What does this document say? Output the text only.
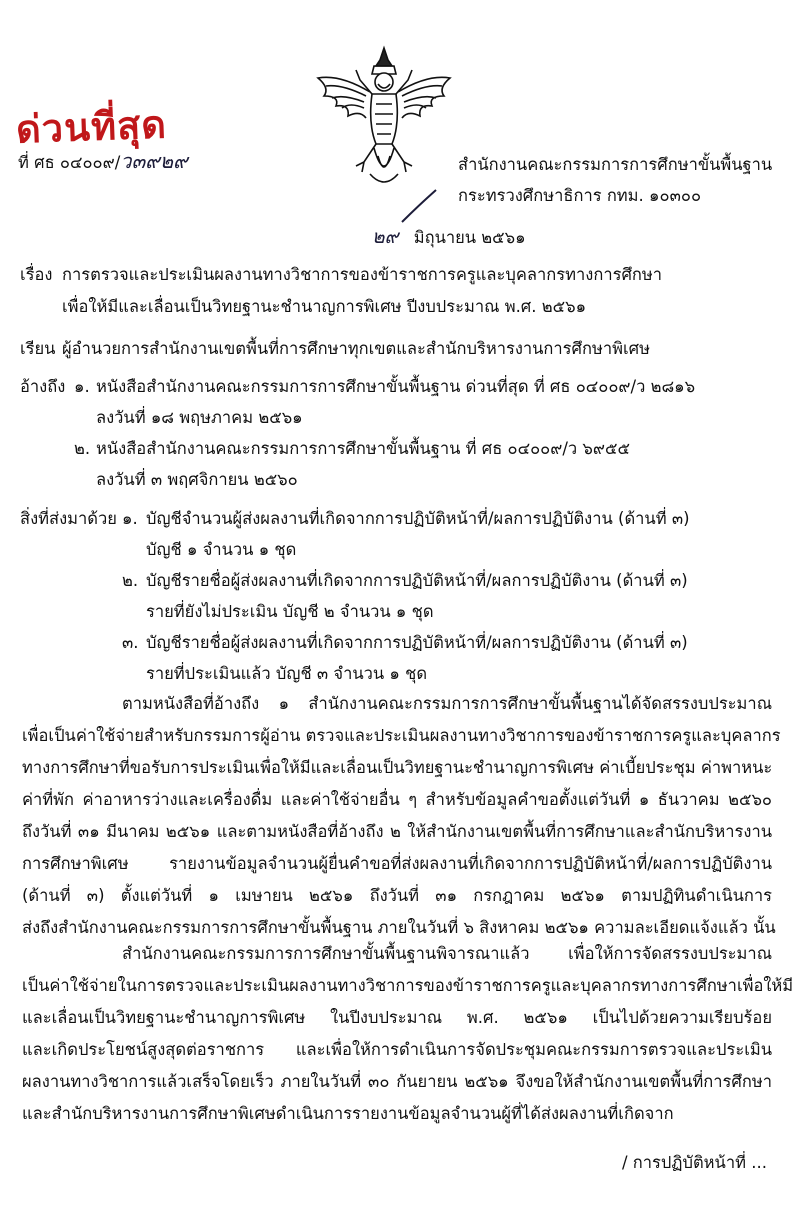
ด่วนที่สุด
ที่ ศธ ๐๔๐๐๙/ว๓๙๒๙	สำนักงานคณะกรรมการการศึกษาขั้นพื้นฐาน
กระทรวงศึกษาธิการ กทม. ๑๐๓๐๐
๒๙ มิถุนายน ๒๕๖๑
เรื่อง การตรวจและประเมินผลงานทางวิชาการของข้าราชการครูและบุคลากรทางการศึกษา
เพื่อให้มีและเลื่อนเป็นวิทยฐานะชำนาญการพิเศษ ปีงบประมาณ พ.ศ. ๒๕๖๑
เรียน ผู้อำนวยการสำนักงานเขตพื้นที่การศึกษาทุกเขตและสำนักบริหารงานการศึกษาพิเศษ
อ้างถึง ๑. หนังสือสำนักงานคณะกรรมการการศึกษาขั้นพื้นฐาน ด่วนที่สุด ที่ ศธ ๐๔๐๐๙/ว ๒๘๑๖
ลงวันที่ ๑๘ พฤษภาคม ๒๕๖๑
๒. หนังสือสำนักงานคณะกรรมการการศึกษาขั้นพื้นฐาน ที่ ศธ ๐๔๐๐๙/ว ๖๙๕๕
ลงวันที่ ๓ พฤศจิกายน ๒๕๖๐
สิ่งที่ส่งมาด้วย ๑. บัญชีจำนวนผู้ส่งผลงานที่เกิดจากการปฏิบัติหน้าที่/ผลการปฏิบัติงาน (ด้านที่ ๓)
บัญชี ๑ จำนวน ๑ ชุด
๒. บัญชีรายชื่อผู้ส่งผลงานที่เกิดจากการปฏิบัติหน้าที่/ผลการปฏิบัติงาน (ด้านที่ ๓)
รายที่ยังไม่ประเมิน บัญชี ๒ จำนวน ๑ ชุด
๓. บัญชีรายชื่อผู้ส่งผลงานที่เกิดจากการปฏิบัติหน้าที่/ผลการปฏิบัติงาน (ด้านที่ ๓)
รายที่ประเมินแล้ว บัญชี ๓ จำนวน ๑ ชุด
ตามหนังสือที่อ้างถึง ๑ สำนักงานคณะกรรมการการศึกษาขั้นพื้นฐานได้จัดสรรงบประมาณ
เพื่อเป็นค่าใช้จ่ายสำหรับกรรมการผู้อ่าน ตรวจและประเมินผลงานทางวิชาการของข้าราชการครูและบุคลากร
ทางการศึกษาที่ขอรับการประเมินเพื่อให้มีและเลื่อนเป็นวิทยฐานะชำนาญการพิเศษ ค่าเบี้ยประชุม ค่าพาหนะ
ค่าที่พัก ค่าอาหารว่างและเครื่องดื่ม และค่าใช้จ่ายอื่น ๆ สำหรับข้อมูลคำขอตั้งแต่วันที่ ๑ ธันวาคม ๒๕๖๐
ถึงวันที่ ๓๑ มีนาคม ๒๕๖๑ และตามหนังสือที่อ้างถึง ๒ ให้สำนักงานเขตพื้นที่การศึกษาและสำนักบริหารงาน
การศึกษาพิเศษ รายงานข้อมูลจำนวนผู้ยื่นคำขอที่ส่งผลงานที่เกิดจากการปฏิบัติหน้าที่/ผลการปฏิบัติงาน
(ด้านที่ ๓) ตั้งแต่วันที่ ๑ เมษายน ๒๕๖๑ ถึงวันที่ ๓๑ กรกฎาคม ๒๕๖๑ ตามปฏิทินดำเนินการ
ส่งถึงสำนักงานคณะกรรมการการศึกษาขั้นพื้นฐาน ภายในวันที่ ๖ สิงหาคม ๒๕๖๑ ความละเอียดแจ้งแล้ว นั้น
สำนักงานคณะกรรมการการศึกษาขั้นพื้นฐานพิจารณาแล้ว เพื่อให้การจัดสรรงบประมาณ
เป็นค่าใช้จ่ายในการตรวจและประเมินผลงานทางวิชาการของข้าราชการครูและบุคลากรทางการศึกษาเพื่อให้มี
และเลื่อนเป็นวิทยฐานะชำนาญการพิเศษ ในปีงบประมาณ พ.ศ. ๒๕๖๑ เป็นไปด้วยความเรียบร้อย
และเกิดประโยชน์สูงสุดต่อราชการ และเพื่อให้การดำเนินการจัดประชุมคณะกรรมการตรวจและประเมิน
ผลงานทางวิชาการแล้วเสร็จโดยเร็ว ภายในวันที่ ๓๐ กันยายน ๒๕๖๑ จึงขอให้สำนักงานเขตพื้นที่การศึกษา
และสำนักบริหารงานการศึกษาพิเศษดำเนินการรายงานข้อมูลจำนวนผู้ที่ได้ส่งผลงานที่เกิดจาก
/ การปฏิบัติหน้าที่ ...
